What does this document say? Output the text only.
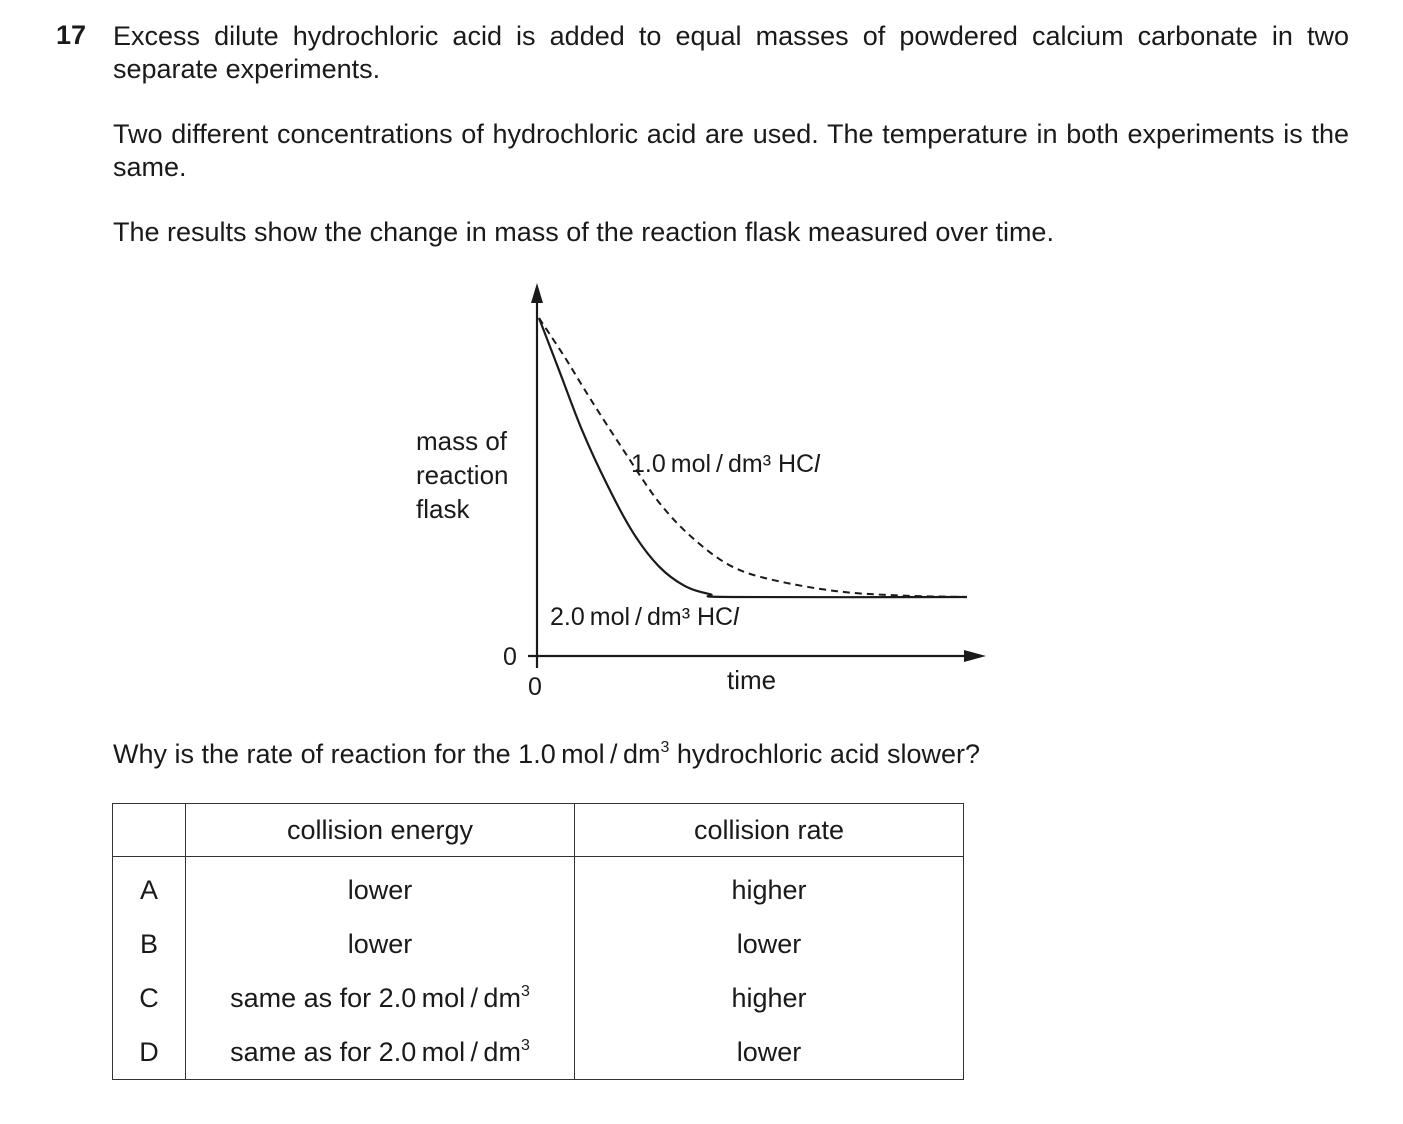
17 Excess dilute hydrochloric acid is added to equal masses of powdered calcium carbonate in two separate experiments.
Two different concentrations of hydrochloric acid are used. The temperature in both experiments is the same.
The results show the change in mass of the reaction flask measured over time.
mass of
reaction
flask
0
0	time
1.0 mol / dm³ HCl
2.0 mol / dm³ HCl
Why is the rate of reaction for the 1.0 mol / $dm^3$ hydrochloric acid slower?
	collision energy	collision rate
A	lower	higher
B	lower	lower
C	same as for 2.0 mol / $dm^3$	higher
D	same as for 2.0 mol / $dm^3$	lower
